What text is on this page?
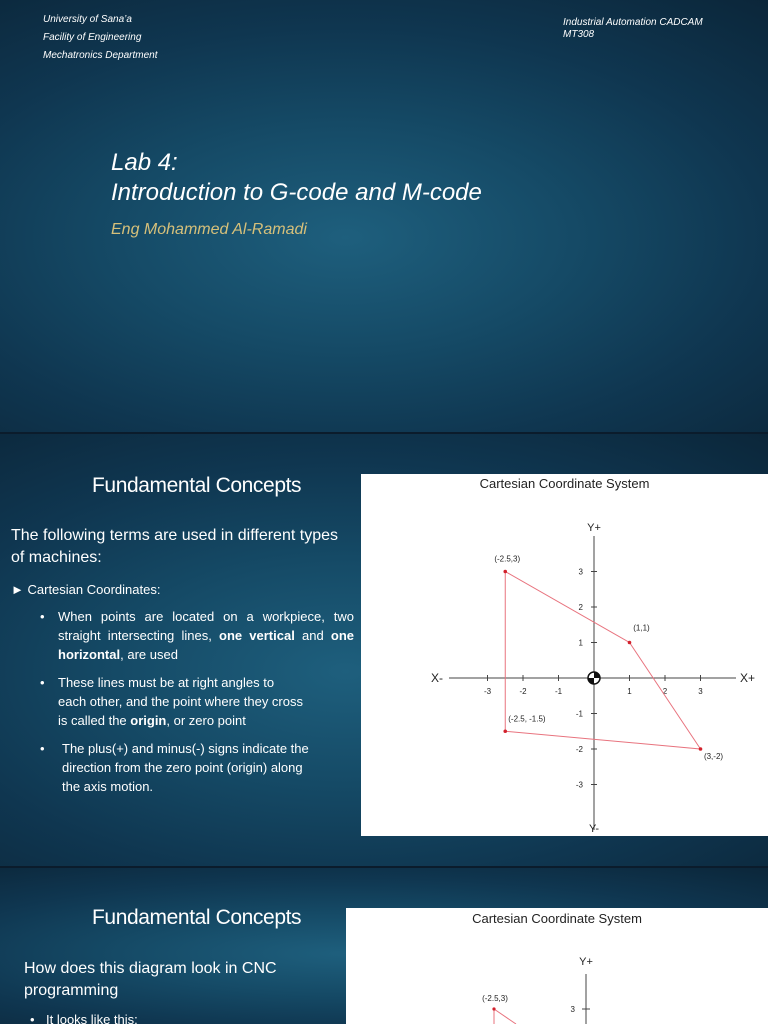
University of Sana’a
Facility of Engineering
Mechatronics Department
Industrial Automation CADCAM
MT308
Lab 4:
Introduction to G-code and M-code
Eng Mohammed Al-Ramadi
Fundamental Concepts
The following terms are used in different types of machines:
► Cartesian Coordinates:
• When points are located on a workpiece, two straight intersecting lines, one vertical and one horizontal, are used
• These lines must be at right angles to each other, and the point where they cross is called the origin, or zero point
• The plus(+) and minus(-) signs indicate the direction from the zero point (origin) along the axis motion.
Cartesian Coordinate System
-3	-2	-1	1	2	3
3
2
1
-1
-2
-3
(-2.5,3)
(1,1)
(3,-2)
(-2.5, -1.5)
X-	X+
Y+
Y-
Fundamental Concepts
How does this diagram look in CNC programming
• It looks like this:
Cartesian Coordinate System
Y+
3
(-2.5,3)
